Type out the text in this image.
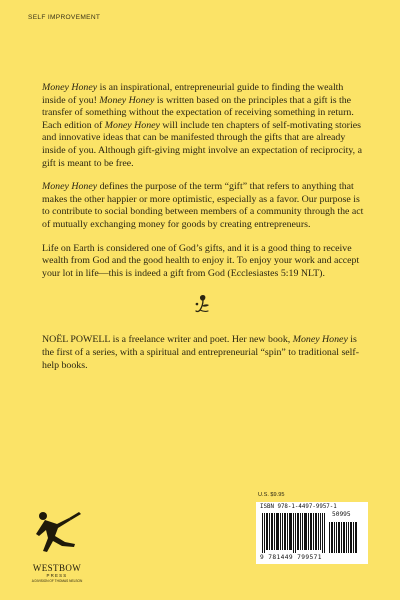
SELF IMPROVEMENT

Money Honey is an inspirational, entrepreneurial guide to finding the wealth inside of you! Money Honey is written based on the principles that a gift is the transfer of something without the expectation of receiving something in return. Each edition of Money Honey will include ten chapters of self-motivating stories and innovative ideas that can be manifested through the gifts that are already inside of you. Although gift-giving might involve an expectation of reciprocity, a gift is meant to be free.

Money Honey defines the purpose of the term “gift” that refers to anything that makes the other happier or more optimistic, especially as a favor. Our purpose is to contribute to social bonding between members of a community through the act of mutually exchanging money for goods by creating entrepreneurs.

Life on Earth is considered one of God’s gifts, and it is a good thing to receive wealth from God and the good health to enjoy it. To enjoy your work and accept your lot in life—this is indeed a gift from God (Ecclesiastes 5:19 NLT).

NOËL POWELL is a freelance writer and poet. Her new book, Money Honey is the first of a series, with a spiritual and entrepreneurial “spin” to traditional self-help books.

WESTBOW
PRESS
A DIVISION OF THOMAS NELSON
U.S. $9.95
ISBN 978-1-4497-9957-1
50995
9 781449 799571
